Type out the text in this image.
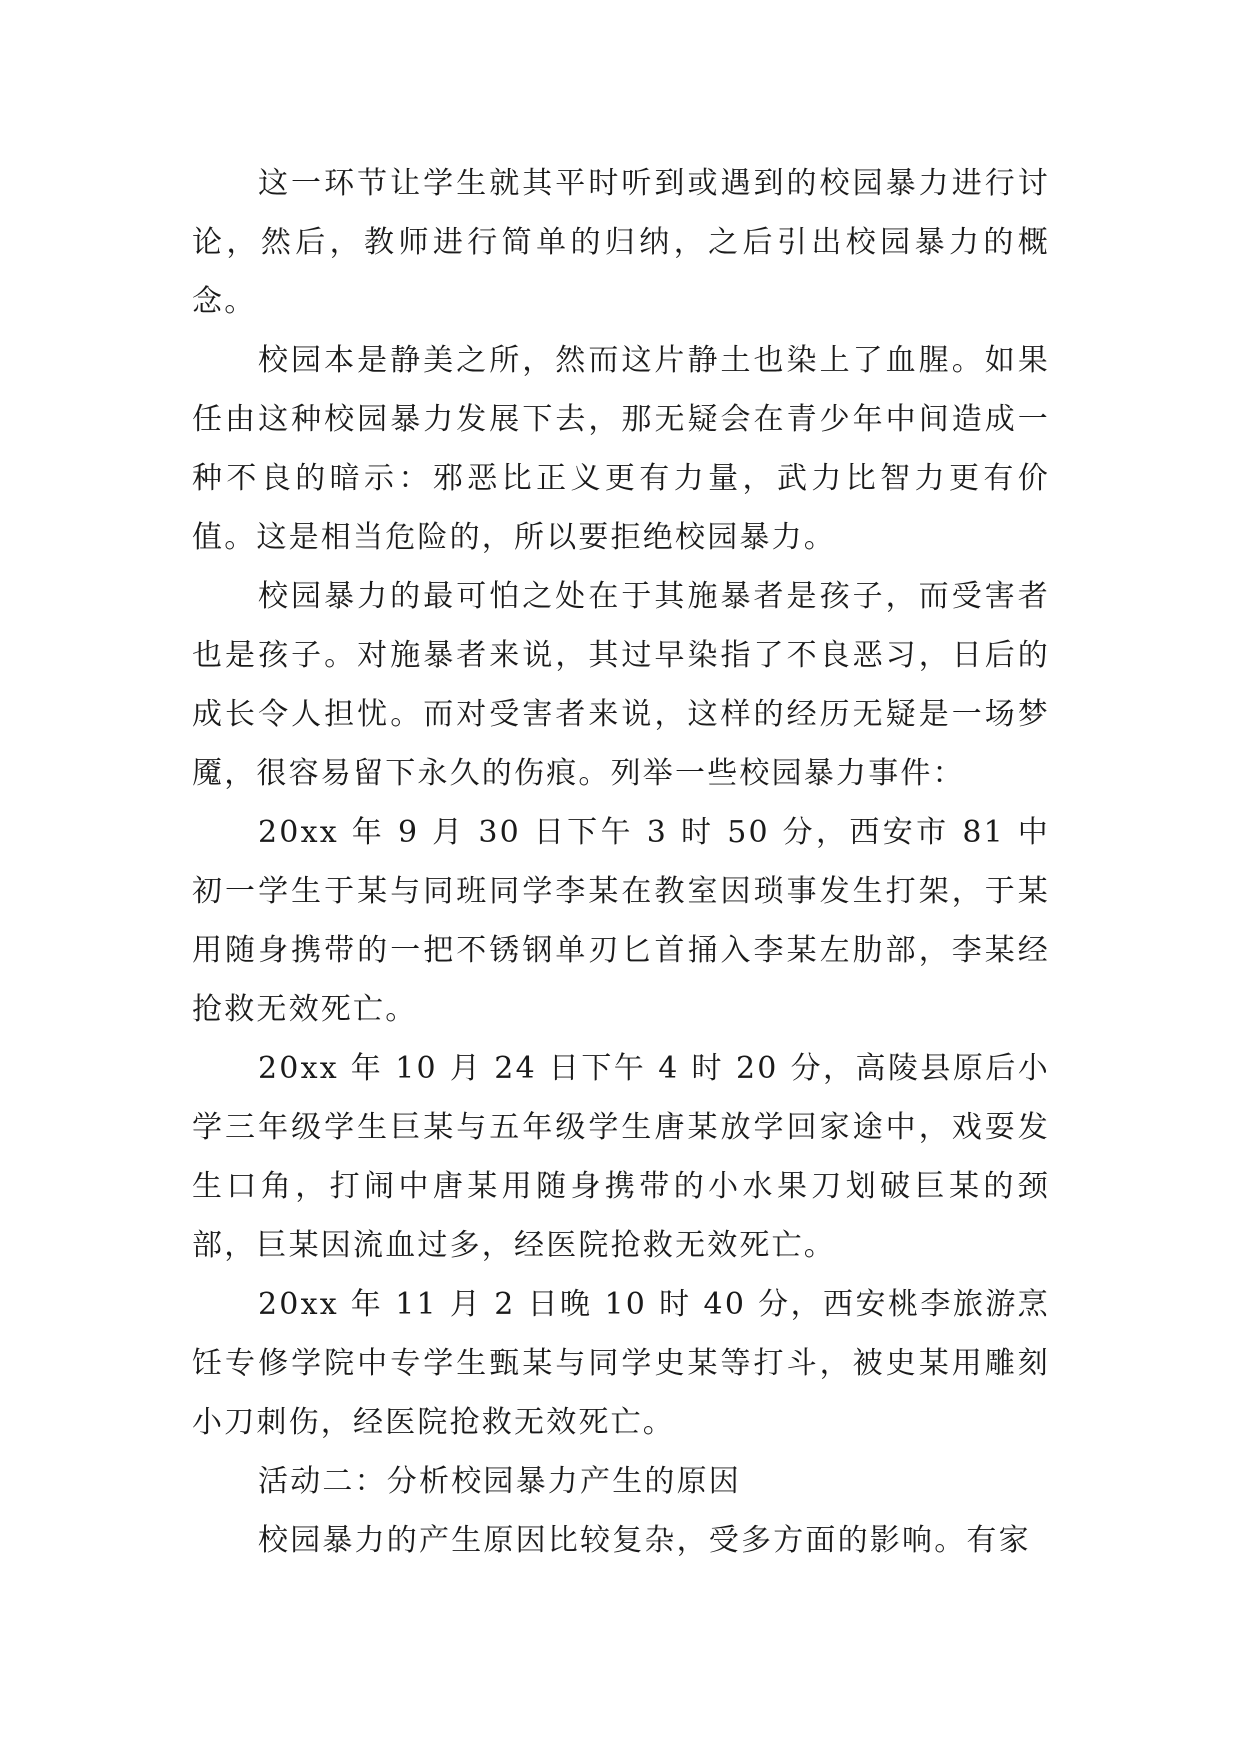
这一环节让学生就其平时听到或遇到的校园暴力进行讨论，然后，教师进行简单的归纳，之后引出校园暴力的概念。

校园本是静美之所，然而这片静土也染上了血腥。如果任由这种校园暴力发展下去，那无疑会在青少年中间造成一种不良的暗示：邪恶比正义更有力量，武力比智力更有价值。这是相当危险的，所以要拒绝校园暴力。

校园暴力的最可怕之处在于其施暴者是孩子，而受害者也是孩子。对施暴者来说，其过早染指了不良恶习，日后的成长令人担忧。而对受害者来说，这样的经历无疑是一场梦魇，很容易留下永久的伤痕。列举一些校园暴力事件：

20xx 年 9 月 30 日下午 3 时 50 分，西安市 81 中初一学生于某与同班同学李某在教室因琐事发生打架，于某用随身携带的一把不锈钢单刃匕首捅入李某左肋部，李某经抢救无效死亡。

20xx 年 10 月 24 日下午 4 时 20 分，高陵县原后小学三年级学生巨某与五年级学生唐某放学回家途中，戏耍发生口角，打闹中唐某用随身携带的小水果刀划破巨某的颈部，巨某因流血过多，经医院抢救无效死亡。

20xx 年 11 月 2 日晚 10 时 40 分，西安桃李旅游烹饪专修学院中专学生甄某与同学史某等打斗，被史某用雕刻小刀刺伤，经医院抢救无效死亡。

活动二：分析校园暴力产生的原因

校园暴力的产生原因比较复杂，受多方面的影响。有家
